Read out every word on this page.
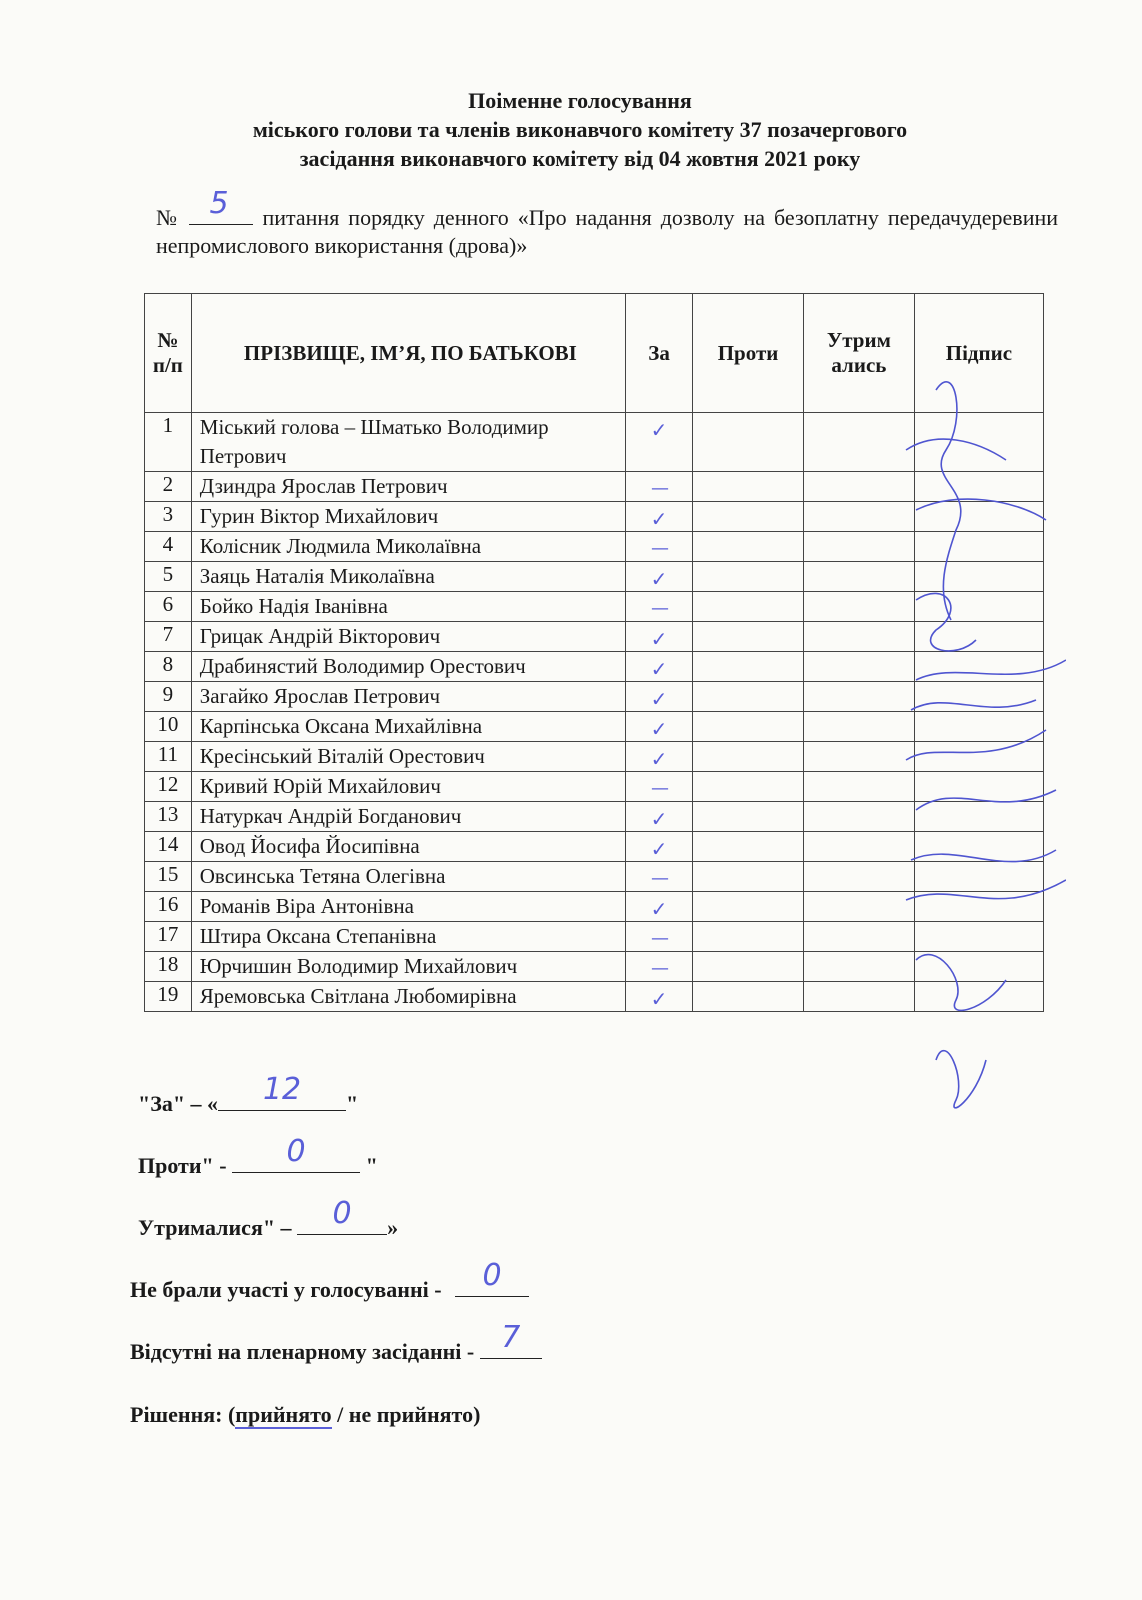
Поіменне голосування
міського голови та членів виконавчого комітету 37 позачергового
засідання виконавчого комітету від 04 жовтня 2021 року
№ 5 питання порядку денного «Про надання дозволу на безоплатну передачудеревини непромислового використання (дрова)»
№ п/п	ПРІЗВИЩЕ, ІМ’Я, ПО БАТЬКОВІ	За	Проти	Утрим ались	Підпис
1	Міський голова – Шматько Володимир Петрович	✓			

2	Дзиндра Ярослав Петрович	—			

3	Гурин Віктор Михайлович	✓			

4	Колісник Людмила Миколаївна	—			

5	Заяць Наталія Миколаївна	✓			

6	Бойко Надія Іванівна	—			

7	Грицак Андрій Вікторович	✓			

8	Драбинястий Володимир Орестович	✓			

9	Загайко Ярослав Петрович	✓			

10	Карпінська Оксана Михайлівна	✓			

11	Кресінський Віталій Орестович	✓			

12	Кривий Юрій Михайлович	—			

13	Натуркач Андрій Богданович	✓			

14	Овод Йосифа Йосипівна	✓			

15	Овсинська Тетяна Олегівна	—			

16	Романів Віра Антонівна	✓			

17	Штира Оксана Степанівна	—			

18	Юрчишин Володимир Михайлович	—			

19	Яремовська Світлана Любомирівна	✓			

"За" – «	12	"
Проти" -	0	"
Утрималися" –	0	»
Не брали участі у голосуванні -	0
Відсутні на пленарному засіданні - 7
Рішення: (прийнято / не прийнято)
